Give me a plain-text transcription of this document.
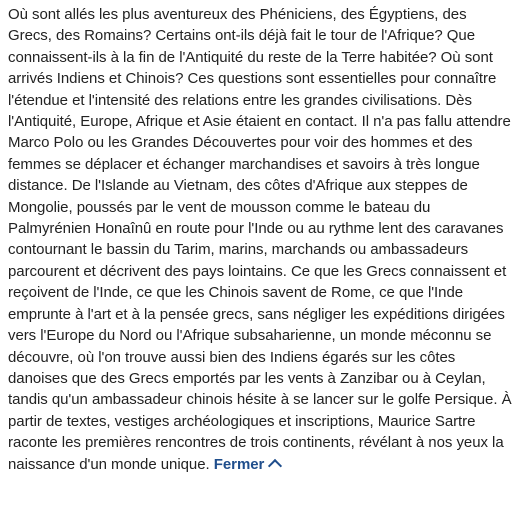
Où sont allés les plus aventureux des Phéniciens, des Égyptiens, des Grecs, des Romains? Certains ont-ils déjà fait le tour de l'Afrique? Que connaissent-ils à la fin de l'Antiquité du reste de la Terre habitée? Où sont arrivés Indiens et Chinois? Ces questions sont essentielles pour connaître l'étendue et l'intensité des relations entre les grandes civilisations. Dès l'Antiquité, Europe, Afrique et Asie étaient en contact. Il n'a pas fallu attendre Marco Polo ou les Grandes Découvertes pour voir des hommes et des femmes se déplacer et échanger marchandises et savoirs à très longue distance. De l'Islande au Vietnam, des côtes d'Afrique aux steppes de Mongolie, poussés par le vent de mousson comme le bateau du Palmyrénien Honaînû en route pour l'Inde ou au rythme lent des caravanes contournant le bassin du Tarim, marins, marchands ou ambassadeurs parcourent et décrivent des pays lointains. Ce que les Grecs connaissent et reçoivent de l'Inde, ce que les Chinois savent de Rome, ce que l'Inde emprunte à l'art et à la pensée grecs, sans négliger les expéditions dirigées vers l'Europe du Nord ou l'Afrique subsaharienne, un monde méconnu se découvre, où l'on trouve aussi bien des Indiens égarés sur les côtes danoises que des Grecs emportés par les vents à Zanzibar ou à Ceylan, tandis qu'un ambassadeur chinois hésite à se lancer sur le golfe Persique. À partir de textes, vestiges archéologiques et inscriptions, Maurice Sartre raconte les premières rencontres de trois continents, révélant à nos yeux la naissance d'un monde unique. Fermer
